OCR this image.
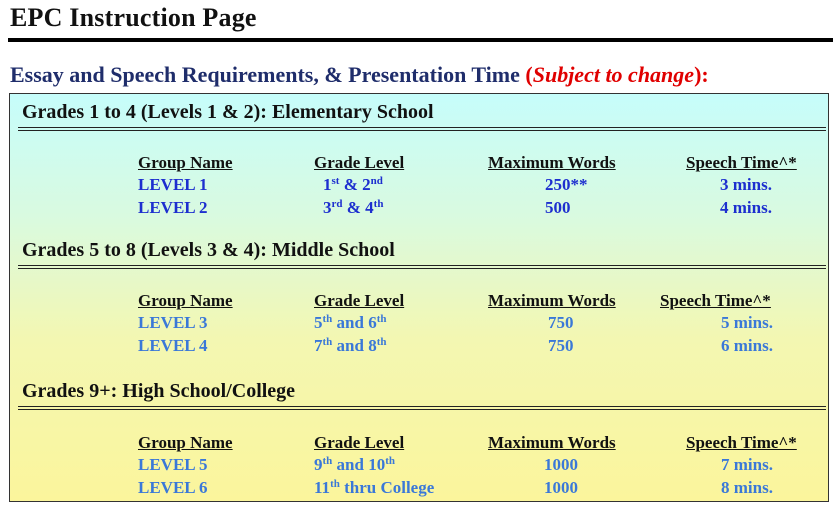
EPC Instruction Page
Essay and Speech Requirements, & Presentation Time (Subject to change):
Grades 1 to 4 (Levels 1 & 2): Elementary School
Group Name	Grade Level	Maximum Words	Speech Time^*
LEVEL 1	1st & 2nd	250**	3 mins.
LEVEL 2	3rd & 4th	500	4 mins.
Grades 5 to 8 (Levels 3 & 4): Middle School
Group Name	Grade Level	Maximum Words	Speech Time^*
LEVEL 3	5th and 6th	750	5 mins.
LEVEL 4	7th and 8th	750	6 mins.
Grades 9+: High School/College
Group Name	Grade Level	Maximum Words	Speech Time^*
LEVEL 5	9th and 10th	1000	7 mins.
LEVEL 6	11th thru College	1000	8 mins.
